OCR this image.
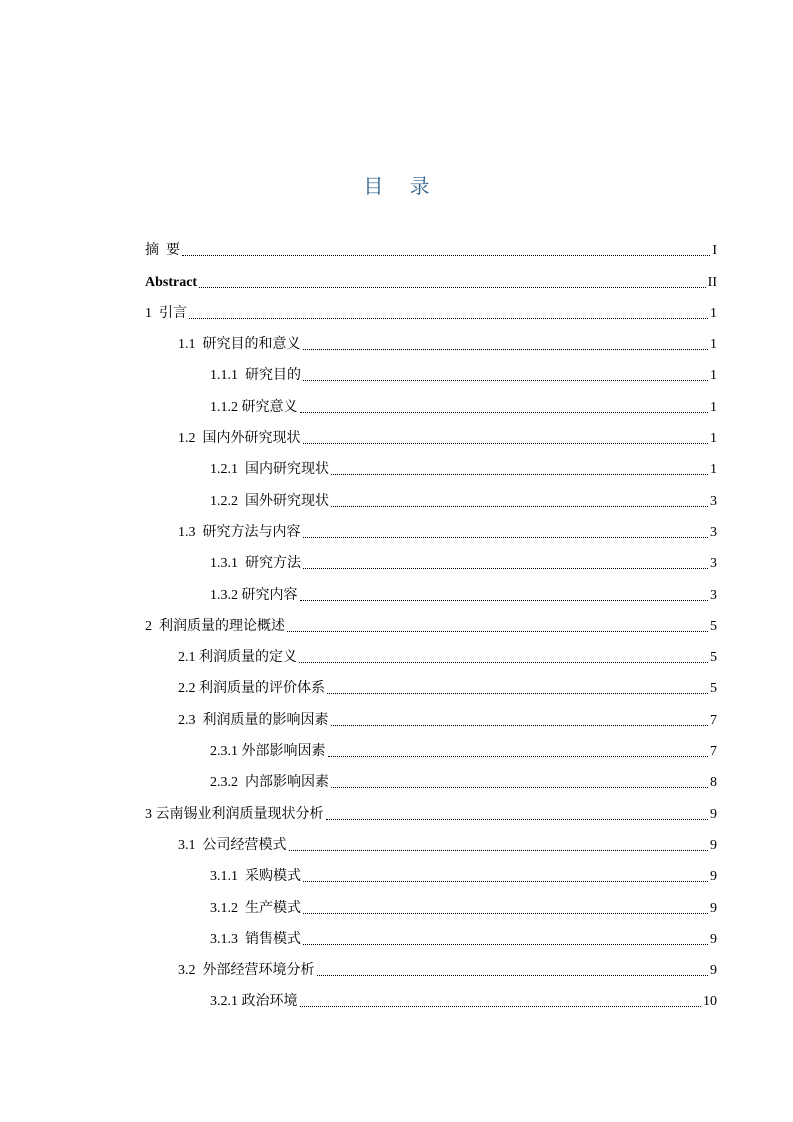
目 录
摘  要	I
Abstract	II
1  引言	1
1.1  研究目的和意义	1
1.1.1  研究目的	1
1.1.2 研究意义	1
1.2  国内外研究现状	1
1.2.1  国内研究现状	1
1.2.2  国外研究现状	3
1.3  研究方法与内容	3
1.3.1  研究方法	3
1.3.2 研究内容	3
2  利润质量的理论概述	5
2.1 利润质量的定义	5
2.2 利润质量的评价体系	5
2.3  利润质量的影响因素	7
2.3.1 外部影响因素	7
2.3.2  内部影响因素	8
3 云南锡业利润质量现状分析	9
3.1  公司经营模式	9
3.1.1  采购模式	9
3.1.2  生产模式	9
3.1.3  销售模式	9
3.2  外部经营环境分析	9
3.2.1 政治环境	10
